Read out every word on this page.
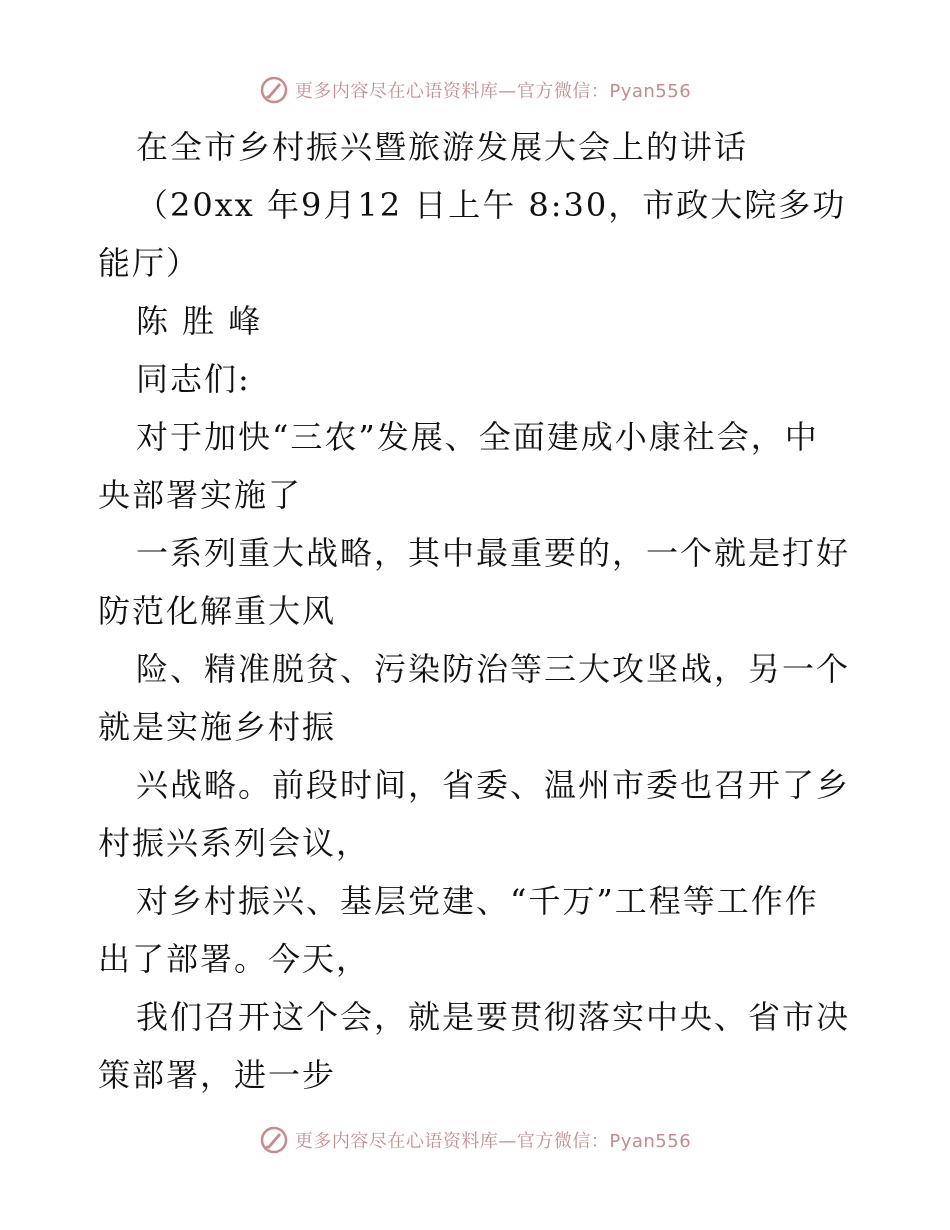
更多内容尽在心语资料库—官方微信：Pyan556
在全市乡村振兴暨旅游发展大会上的讲话
（20xx 年9月12 日上午 8:30，市政大院多功
能厅）
陈 胜 峰
同志们:
对于加快“三农”发展、全面建成小康社会，中
央部署实施了
一系列重大战略，其中最重要的，一个就是打好
防范化解重大风
险、精准脱贫、污染防治等三大攻坚战，另一个
就是实施乡村振
兴战略。前段时间，省委、温州市委也召开了乡
村振兴系列会议，
对乡村振兴、基层党建、“千万”工程等工作作
出了部署。今天，
我们召开这个会，就是要贯彻落实中央、省市决
策部署，进一步
更多内容尽在心语资料库—官方微信：Pyan556
